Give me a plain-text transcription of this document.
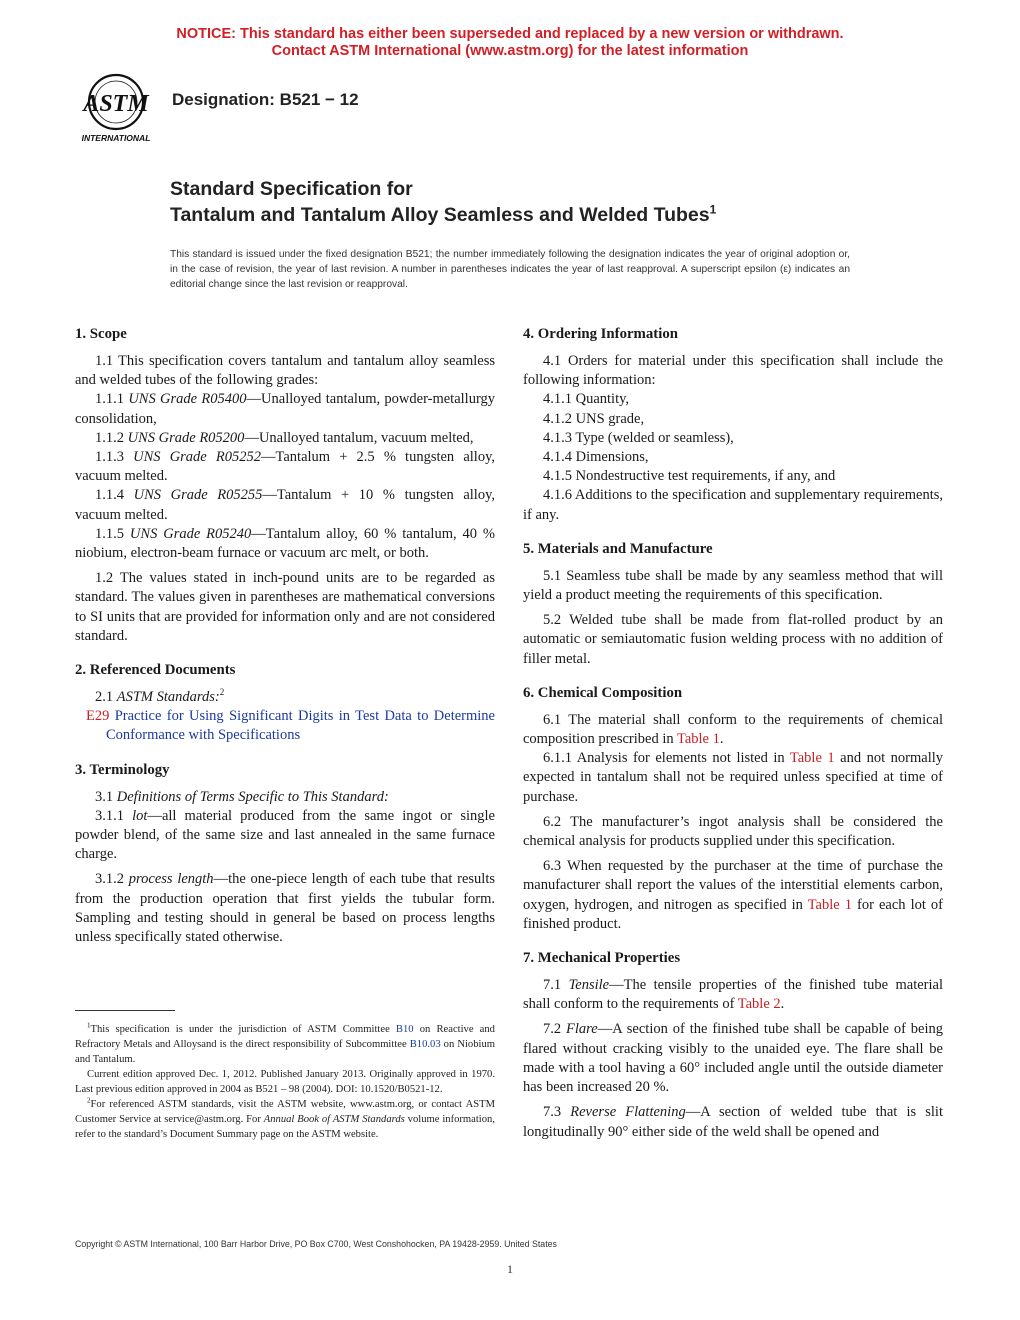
NOTICE: This standard has either been superseded and replaced by a new version or withdrawn.
Contact ASTM International (www.astm.org) for the latest information
ASTM
INTERNATIONAL
Designation: B521 − 12
Standard Specification for
Tantalum and Tantalum Alloy Seamless and Welded Tubes$^1$
This standard is issued under the fixed designation B521; the number immediately following the designation indicates the year of original adoption or, in the case of revision, the year of last revision. A number in parentheses indicates the year of last reapproval. A superscript epsilon (ε) indicates an editorial change since the last revision or reapproval.
1. Scope

1.1 This specification covers tantalum and tantalum alloy seamless and welded tubes of the following grades:

1.1.1 UNS Grade R05400—Unalloyed tantalum, powder-metallurgy consolidation,

1.1.2 UNS Grade R05200—Unalloyed tantalum, vacuum melted,

1.1.3 UNS Grade R05252—Tantalum + 2.5 % tungsten alloy, vacuum melted.

1.1.4 UNS Grade R05255—Tantalum + 10 % tungsten alloy, vacuum melted.

1.1.5 UNS Grade R05240—Tantalum alloy, 60 % tantalum, 40 % niobium, electron-beam furnace or vacuum arc melt, or both.

1.2 The values stated in inch-pound units are to be regarded as standard. The values given in parentheses are mathematical conversions to SI units that are provided for information only and are not considered standard.

2. Referenced Documents

2.1 ASTM Standards:$^2$

E29 Practice for Using Significant Digits in Test Data to Determine Conformance with Specifications

3. Terminology

3.1 Definitions of Terms Specific to This Standard:

3.1.1 lot—all material produced from the same ingot or single powder blend, of the same size and last annealed in the same furnace charge.

3.1.2 process length—the one-piece length of each tube that results from the production operation that first yields the tubular form. Sampling and testing should in general be based on process lengths unless specifically stated otherwise.

4. Ordering Information

4.1 Orders for material under this specification shall include the following information:

4.1.1 Quantity,

4.1.2 UNS grade,

4.1.3 Type (welded or seamless),

4.1.4 Dimensions,

4.1.5 Nondestructive test requirements, if any, and

4.1.6 Additions to the specification and supplementary requirements, if any.

5. Materials and Manufacture

5.1 Seamless tube shall be made by any seamless method that will yield a product meeting the requirements of this specification.

5.2 Welded tube shall be made from flat-rolled product by an automatic or semiautomatic fusion welding process with no addition of filler metal.

6. Chemical Composition

6.1 The material shall conform to the requirements of chemical composition prescribed in Table 1.

6.1.1 Analysis for elements not listed in Table 1 and not normally expected in tantalum shall not be required unless specified at time of purchase.

6.2 The manufacturer’s ingot analysis shall be considered the chemical analysis for products supplied under this specification.

6.3 When requested by the purchaser at the time of purchase the manufacturer shall report the values of the interstitial elements carbon, oxygen, hydrogen, and nitrogen as specified in Table 1 for each lot of finished product.

7. Mechanical Properties

7.1 Tensile—The tensile properties of the finished tube material shall conform to the requirements of Table 2.

7.2 Flare—A section of the finished tube shall be capable of being flared without cracking visibly to the unaided eye. The flare shall be made with a tool having a 60° included angle until the outside diameter has been increased 20 %.

7.3 Reverse Flattening—A section of welded tube that is slit longitudinally 90° either side of the weld shall be opened and

$^1$This specification is under the jurisdiction of ASTM Committee B10 on Reactive and Refractory Metals and Alloysand is the direct responsibility of Subcommittee B10.03 on Niobium and Tantalum.

Current edition approved Dec. 1, 2012. Published January 2013. Originally approved in 1970. Last previous edition approved in 2004 as B521 – 98 (2004). DOI: 10.1520/B0521-12.

$^2$For referenced ASTM standards, visit the ASTM website, www.astm.org, or contact ASTM Customer Service at service@astm.org. For Annual Book of ASTM Standards volume information, refer to the standard’s Document Summary page on the ASTM website.

Copyright © ASTM International, 100 Barr Harbor Drive, PO Box C700, West Conshohocken, PA 19428-2959. United States
1
